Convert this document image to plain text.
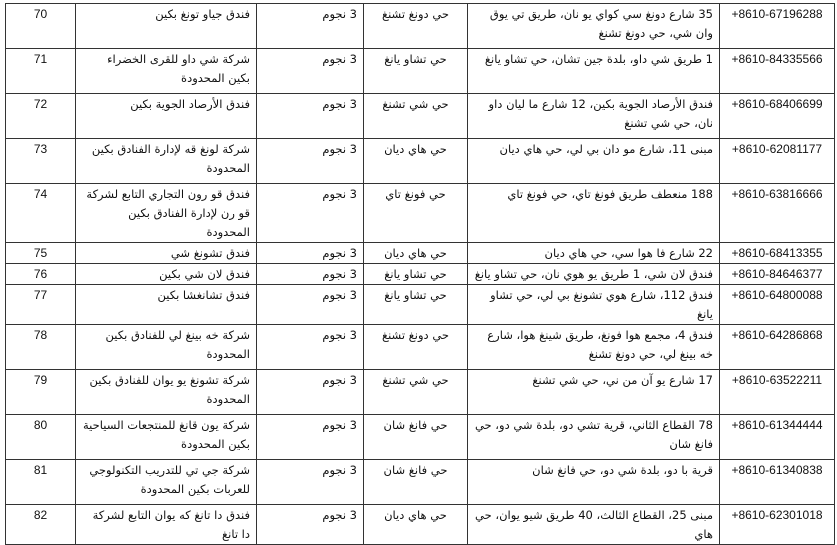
70	فندق جياو تونغ بكين	3 نجوم	حي دونغ تشنغ	35 شارع دونغ سي كواي يو نان، طريق تي يوق وان شي، حي دونغ تشنغ	+8610-67196288
71	شركة شي داو للقرى الخضراء بكين المحدودة	3 نجوم	حي تشاو يانغ	1 طريق شي داو، بلدة جين تشان، حي تشاو يانغ	+8610-84335566
72	فندق الأرصاد الجوية بكين	3 نجوم	حي شي تشنغ	فندق الأرصاد الجوية بكين، 12 شارع ما ليان داو نان، حي شي تشنغ	+8610-68406699
73	شركة لونغ قه لإدارة الفنادق بكين المحدودة	3 نجوم	حي هاي ديان	مبنى 11، شارع مو دان بي لي، حي هاي ديان	+8610-62081177
74	فندق قو رون التجاري التابع لشركة قو رن لإدارة الفنادق بكين المحدودة	3 نجوم	حي فونغ تاي	188 منعطف طريق فونغ تاي، حي فونغ تاي	+8610-63816666
75	فندق تشونغ شي	3 نجوم	حي هاي ديان	22 شارع فا هوا سي، حي هاي ديان	+8610-68413355
76	فندق لان شي بكين	3 نجوم	حي تشاو يانغ	فندق لان شي، 1 طريق يو هوي نان، حي تشاو يانغ	+8610-84646377
77	فندق تشانغشا بكين	3 نجوم	حي تشاو يانغ	فندق 112، شارع هوي تشونغ بي لي، حي تشاو يانغ	+8610-64800088
78	شركة خه بينغ لي للفنادق بكين المحدودة	3 نجوم	حي دونغ تشنغ	فندق 4، مجمع هوا فونغ، طريق شينغ هوا، شارع خه بينغ لي، حي دونغ تشنغ	+8610-64286868
79	شركة تشونغ يو يوان للفنادق بكين المحدودة	3 نجوم	حي شي تشنغ	17 شارع يو آن من ني، حي شي تشنغ	+8610-63522211
80	شركة يون قانغ للمنتجعات السياحية بكين المحدودة	3 نجوم	حي فانغ شان	78 القطاع الثاني، قرية تشي دو، بلدة شي دو، حي فانغ شان	+8610-61344444
81	شركة جي تي للتدريب التكنولوجي للعربات بكين المحدودة	3 نجوم	حي فانغ شان	قرية با دو، بلدة شي دو، حي فانغ شان	+8610-61340838
82	فندق دا تانغ كه يوان التابع لشركة دا تانغ	3 نجوم	حي هاي ديان	مبنى 25، القطاع الثالث، 40 طريق شيو يوان، حي هاي	+8610-62301018
